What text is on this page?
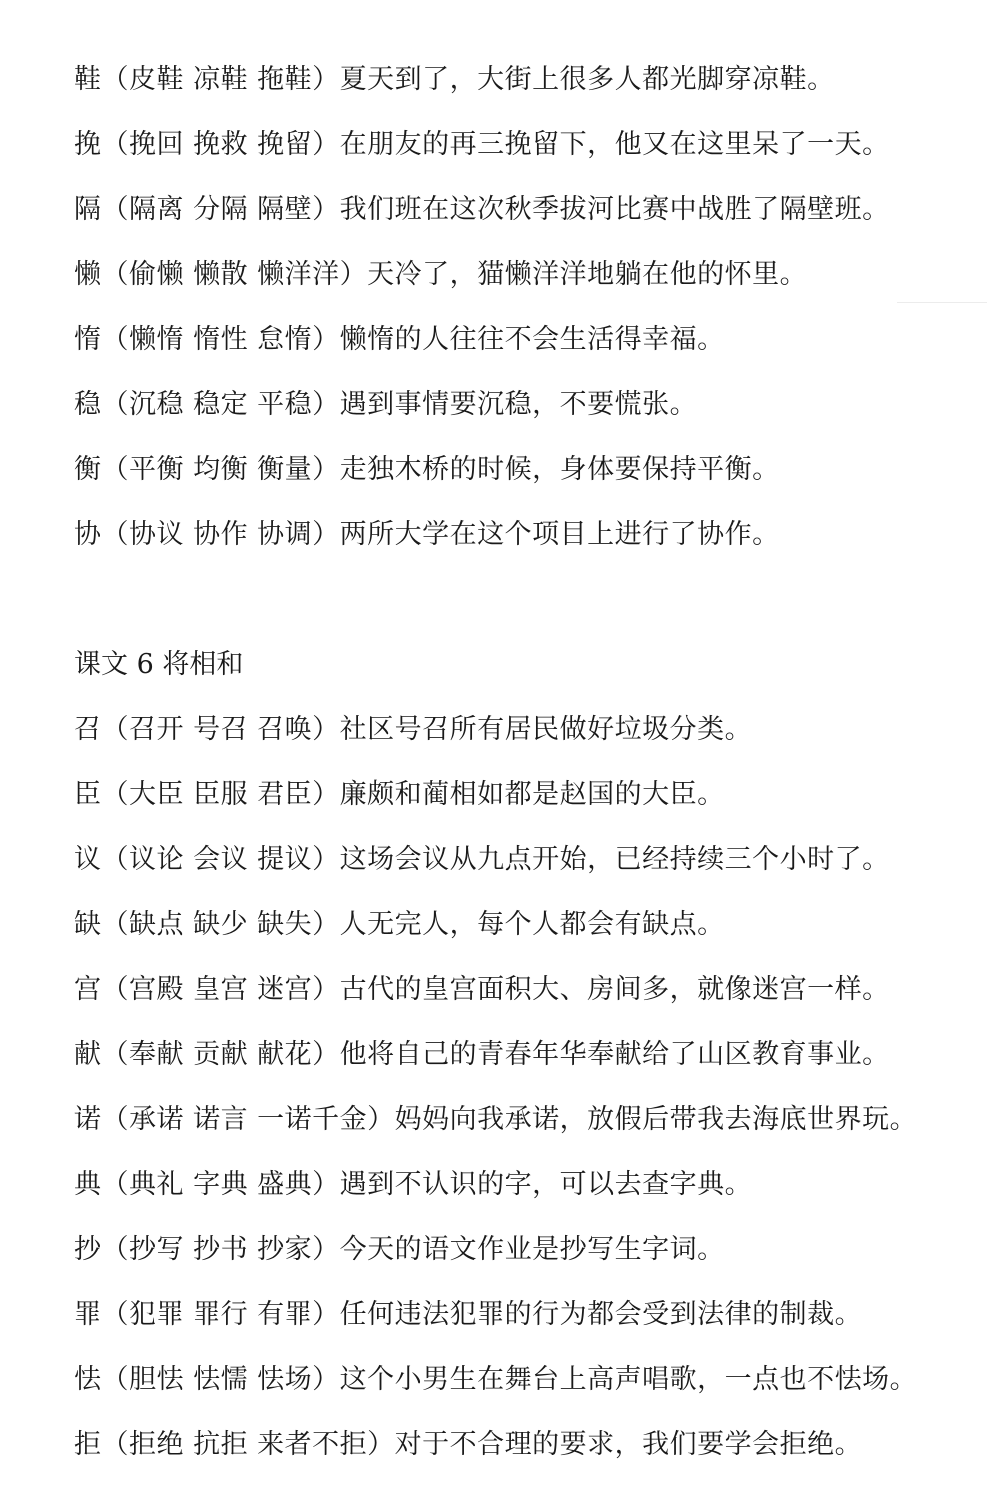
鞋（皮鞋 凉鞋 拖鞋）夏天到了，大街上很多人都光脚穿凉鞋。
挽（挽回 挽救 挽留）在朋友的再三挽留下，他又在这里呆了一天。
隔（隔离 分隔 隔壁）我们班在这次秋季拔河比赛中战胜了隔壁班。
懒（偷懒 懒散 懒洋洋）天冷了，猫懒洋洋地躺在他的怀里。
惰（懒惰 惰性 怠惰）懒惰的人往往不会生活得幸福。
稳（沉稳 稳定 平稳）遇到事情要沉稳，不要慌张。
衡（平衡 均衡 衡量）走独木桥的时候，身体要保持平衡。
协（协议 协作 协调）两所大学在这个项目上进行了协作。
课文 6 将相和
召（召开 号召 召唤）社区号召所有居民做好垃圾分类。
臣（大臣 臣服 君臣）廉颇和蔺相如都是赵国的大臣。
议（议论 会议 提议）这场会议从九点开始，已经持续三个小时了。
缺（缺点 缺少 缺失）人无完人，每个人都会有缺点。
宫（宫殿 皇宫 迷宫）古代的皇宫面积大、房间多，就像迷宫一样。
献（奉献 贡献 献花）他将自己的青春年华奉献给了山区教育事业。
诺（承诺 诺言 一诺千金）妈妈向我承诺，放假后带我去海底世界玩。
典（典礼 字典 盛典）遇到不认识的字，可以去查字典。
抄（抄写 抄书 抄家）今天的语文作业是抄写生字词。
罪（犯罪 罪行 有罪）任何违法犯罪的行为都会受到法律的制裁。
怯（胆怯 怯懦 怯场）这个小男生在舞台上高声唱歌，一点也不怯场。
拒（拒绝 抗拒 来者不拒）对于不合理的要求，我们要学会拒绝。
